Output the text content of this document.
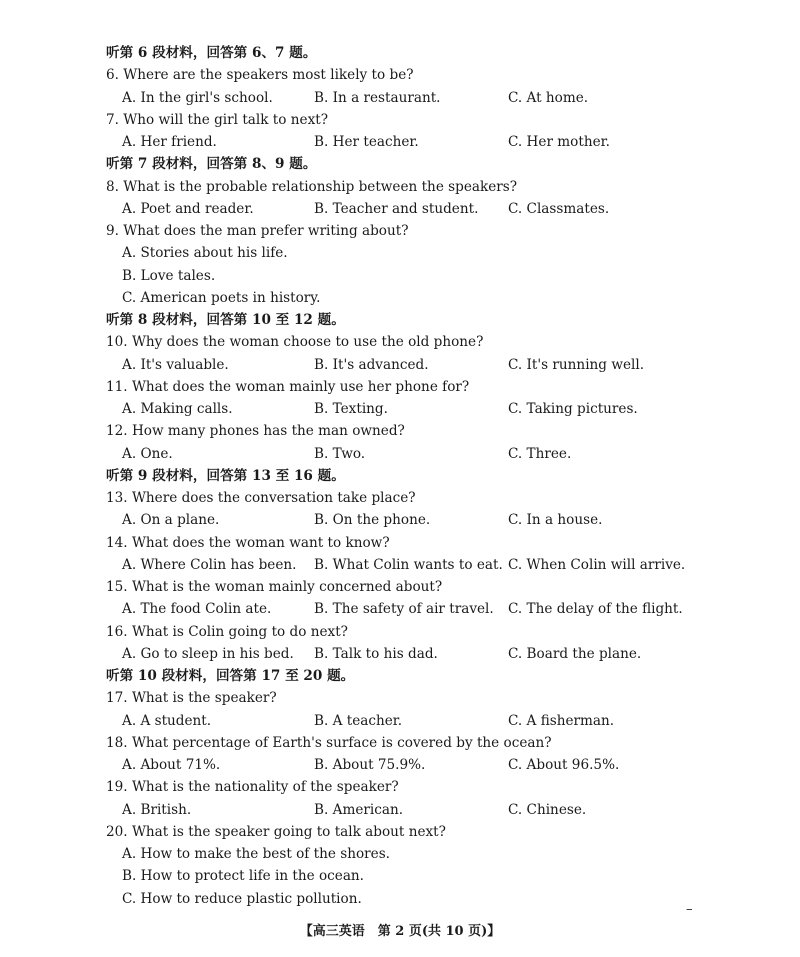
听第 6 段材料，回答第 6、7 题。
6. Where are the speakers most likely to be?
A. In the girl's school.	B. In a restaurant.	C. At home.
7. Who will the girl talk to next?
A. Her friend.	B. Her teacher.	C. Her mother.
听第 7 段材料，回答第 8、9 题。
8. What is the probable relationship between the speakers?
A. Poet and reader.	B. Teacher and student. C. Classmates.
9. What does the man prefer writing about?
A. Stories about his life.
B. Love tales.
C. American poets in history.
听第 8 段材料，回答第 10 至 12 题。
10. Why does the woman choose to use the old phone?
A. It's valuable.	B. It's advanced.	C. It's running well.
11. What does the woman mainly use her phone for?
A. Making calls.	B. Texting.	C. Taking pictures.
12. How many phones has the man owned?
A. One.	B. Two.	C. Three.
听第 9 段材料，回答第 13 至 16 题。
13. Where does the conversation take place?
A. On a plane.	B. On the phone.	C. In a house.
14. What does the woman want to know?
A. Where Colin has been. B. What Colin wants to eat. C. When Colin will arrive.
15. What is the woman mainly concerned about?
A. The food Colin ate.	B. The safety of air travel. C. The delay of the flight.
16. What is Colin going to do next?
A. Go to sleep in his bed. B. Talk to his dad.	C. Board the plane.
听第 10 段材料，回答第 17 至 20 题。
17. What is the speaker?
A. A student.	B. A teacher.	C. A fisherman.
18. What percentage of Earth's surface is covered by the ocean?
A. About 71%.	B. About 75.9%.	C. About 96.5%.
19. What is the nationality of the speaker?
A. British.	B. American.	C. Chinese.
20. What is the speaker going to talk about next?
A. How to make the best of the shores.
B. How to protect life in the ocean.
C. How to reduce plastic pollution.
【高三英语　第 2 页(共 10 页)】
–
